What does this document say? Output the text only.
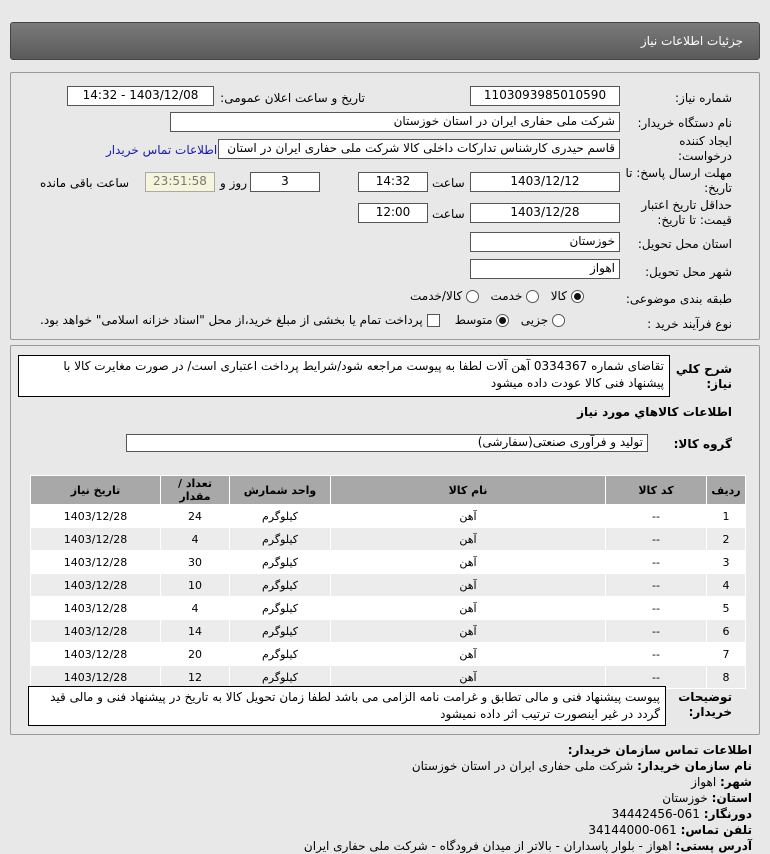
جزئیات اطلاعات نیاز
شماره نیاز:
1103093985010590
تاریخ و ساعت اعلان عمومی:
1403/12/08 - 14:32
نام دستگاه خریدار:
شرکت ملی حفاری ایران در استان خوزستان
ایجاد کننده درخواست:
قاسم حیدری کارشناس تدارکات داخلی کالا شرکت ملی حفاری ایران در استان
اطلاعات تماس خریدار
مهلت ارسال پاسخ: تا تاریخ:
1403/12/12
ساعت
14:32
3
روز و
23:51:58
ساعت باقی مانده
حداقل تاریخ اعتبار قیمت: تا تاریخ:
1403/12/28
ساعت
12:00
استان محل تحویل:
خوزستان
شهر محل تحویل:
اهواز
طبقه بندی موضوعی:
کالا    خدمت    کالا/خدمت
نوع فرآیند خرید :
جزیی    متوسط     پرداخت تمام یا بخشی از مبلغ خرید،از محل "اسناد خزانه اسلامی" خواهد بود.
شرح کلي نیاز:
تقاضای شماره 0334367 آهن آلات لطفا به پیوست مراجعه شود/شرایط پرداخت اعتباری است/ در صورت مغایرت کالا با پیشنهاد فنی کالا عودت داده میشود
اطلاعات کالاهاي مورد نیاز
گروه کالا:
تولید و فرآوری صنعتی(سفارشی)
ردیف	کد کالا	نام کالا	واحد شمارش	تعداد / مقدار	تاریخ نیاز
1	--	آهن	کیلوگرم	24	1403/12/28
2	--	آهن	کیلوگرم	4	1403/12/28
3	--	آهن	کیلوگرم	30	1403/12/28
4	--	آهن	کیلوگرم	10	1403/12/28
5	--	آهن	کیلوگرم	4	1403/12/28
6	--	آهن	کیلوگرم	14	1403/12/28
7	--	آهن	کیلوگرم	20	1403/12/28
8	--	آهن	کیلوگرم	12	1403/12/28
توضیحات خریدار:
پیوست پیشنهاد فنی و مالی تطابق و غرامت نامه الزامی می باشد لطفا زمان تحویل کالا به تاریخ در پیشنهاد فنی و مالی قید گردد در غیر اینصورت ترتیب اثر داده نمیشود
اطلاعات تماس سازمان خریدار:
نام سازمان خریدار: شرکت ملی حفاری ایران در استان خوزستان
شهر: اهواز
استان: خوزستان
دورنگار: 061-34442456
تلفن تماس: 061-34144000
آدرس پستی: اهواز - بلوار پاسداران - بالاتر از میدان فرودگاه - شرکت ملی حفاری ایران
